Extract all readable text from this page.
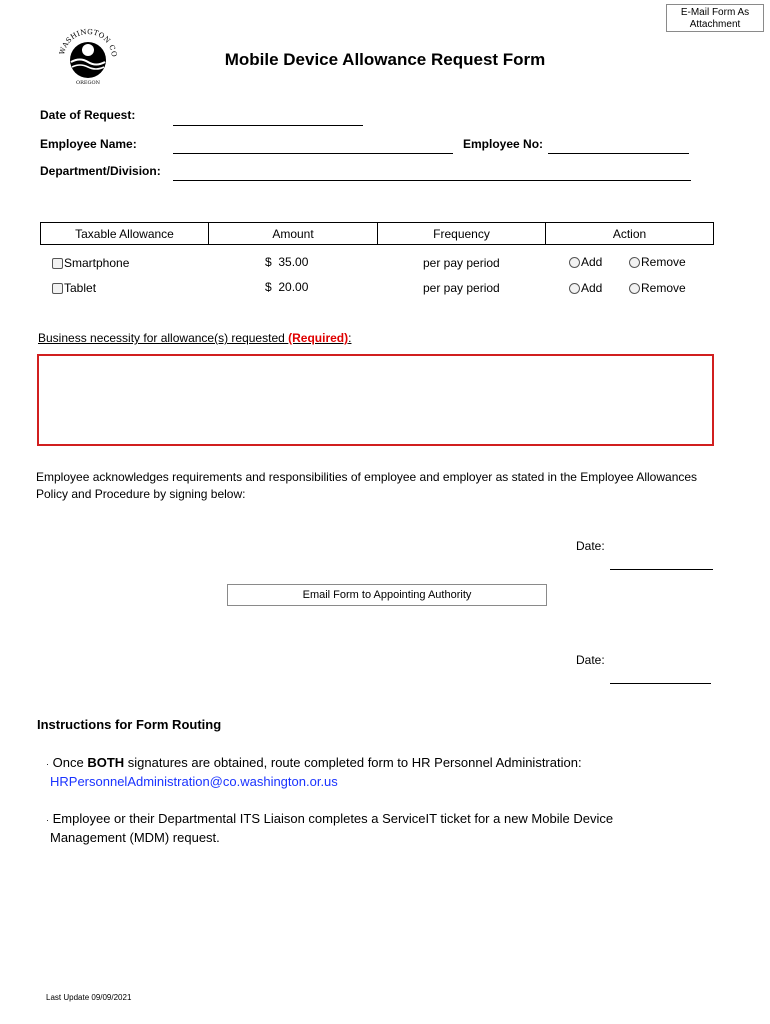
E-Mail Form As
Attachment
WASHINGTON CO
OREGON
Mobile Device Allowance Request Form
Date of Request:
Employee Name:	Employee No:
Department/Division:
Taxable Allowance	Amount	Frequency	Action
Smartphone	$  35.00	per pay period	Add	Remove
Tablet	$  20.00	per pay period	Add	Remove
Business necessity for allowance(s) requested (Required):
Employee acknowledges requirements and responsibilities of employee and employer as stated in the Employee Allowances Policy and Procedure by signing below:
Date:
Email Form to Appointing Authority
Date:
Instructions for Form Routing
· Once BOTH signatures are obtained, route completed form to HR Personnel Administration:
HRPersonnelAdministration@co.washington.or.us
· Employee or their Departmental ITS Liaison completes a ServiceIT ticket for a new Mobile Device
Management (MDM) request.
Last Update 09/09/2021
